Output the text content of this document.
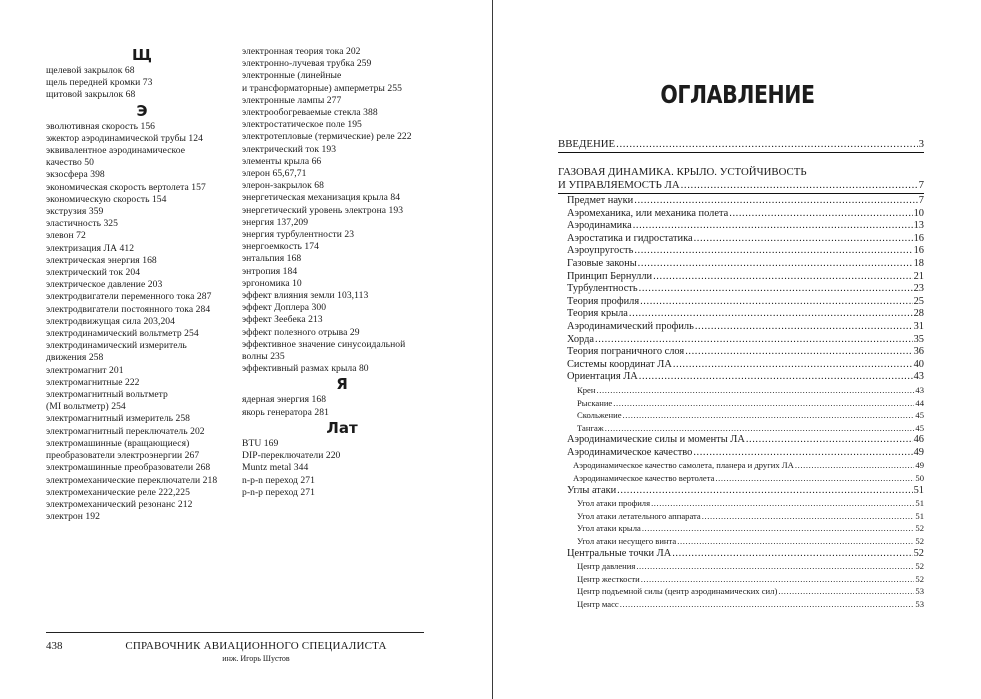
Щ
щелевой закрылок 68
щель передней кромки 73
щитовой закрылок 68
Э
эволютивная скорость 156
эжектор аэродинамической трубы 124
эквивалентное аэродинамическое
качество 50
экзосфера 398
экономическая скорость вертолета 157
экономическую скорость 154
экструзия 359
эластичность 325
элевон 72
электризация ЛА 412
электрическая энергия 168
электрический ток 204
электрическое давление 203
электродвигатели переменного тока 287
электродвигатели постоянного тока 284
электродвижущая сила 203,204
электродинамический вольтметр 254
электродинамический измеритель
движения 258
электромагнит 201
электромагнитные 222
электромагнитный вольтметр
(МI вольтметр) 254
электромагнитный измеритель 258
электромагнитный переключатель 202
электромашинные (вращающиеся)
преобразователи электроэнергии 267
электромашинные преобразователи 268
электромеханические переключатели 218
электромеханические реле 222,225
электромеханический резонанс 212
электрон 192
электронная теория тока 202
электронно-лучевая трубка 259
электронные (линейные
и трансформаторные) амперметры 255
электронные лампы 277
электрообогреваемые стекла 388
электростатическое поле 195
электротепловые (термические) реле 222
электрический ток 193
элементы крыла 66
элерон 65,67,71
элерон-закрылок 68
энергетическая механизация крыла 84
энергетический уровень электрона 193
энергия 137,209
энергия турбулентности 23
энергоемкость 174
энтальпия 168
энтропия 184
эргономика 10
эффект влияния земли 103,113
эффект Доплера 300
эффект Зеебека 213
эффект полезного отрыва 29
эффективное значение синусоидальной
волны 235
эффективный размах крыла 80
Я
ядерная энергия 168
якорь генератора 281
Лат
BTU 169
DIP-переключатели 220
Muntz metal 344
n-p-n переход 271
p-n-p переход 271
438	СПРАВОЧНИК АВИАЦИОННОГО СПЕЦИАЛИСТА
инж. Игорь Шустов
ОГЛАВЛЕНИЕ
ВВЕДЕНИЕ .....	3
ГАЗОВАЯ ДИНАМИКА. КРЫЛО. УСТОЙЧИВОСТЬ
И УПРАВЛЯЕМОСТЬ ЛА .....	7
Предмет науки .....	7
Аэромеханика, или механика полета .....	10
Аэродинамика .....	13
Аэростатика и гидростатика .....	16
Аэроупругость .....	16
Газовые законы .....	18
Принцип Бернулли .....	21
Турбулентность .....	23
Теория профиля .....	25
Теория крыла .....	28
Аэродинамический профиль .....	31
Хорда .....	35
Теория пограничного слоя .....	36
Системы координат ЛА .....	40
Ориентация ЛА .....	43
Крен .....	43
Рыскание .....	44
Скольжение .....	45
Тангаж .....	45
Аэродинамические силы и моменты ЛА .....	46
Аэродинамическое качество .....	49
Аэродинамическое качество самолета, планера и других ЛА .....	49
Аэродинамическое качество вертолета .....	50
Углы атаки .....	51
Угол атаки профиля .....	51
Угол атаки летательного аппарата .....	51
Угол атаки крыла .....	52
Угол атаки несущего винта .....	52
Центральные точки ЛА .....	52
Центр давления .....	52
Центр жесткости .....	52
Центр подъемной силы (центр аэродинамических сил) .....	53
Центр масс .....	53
